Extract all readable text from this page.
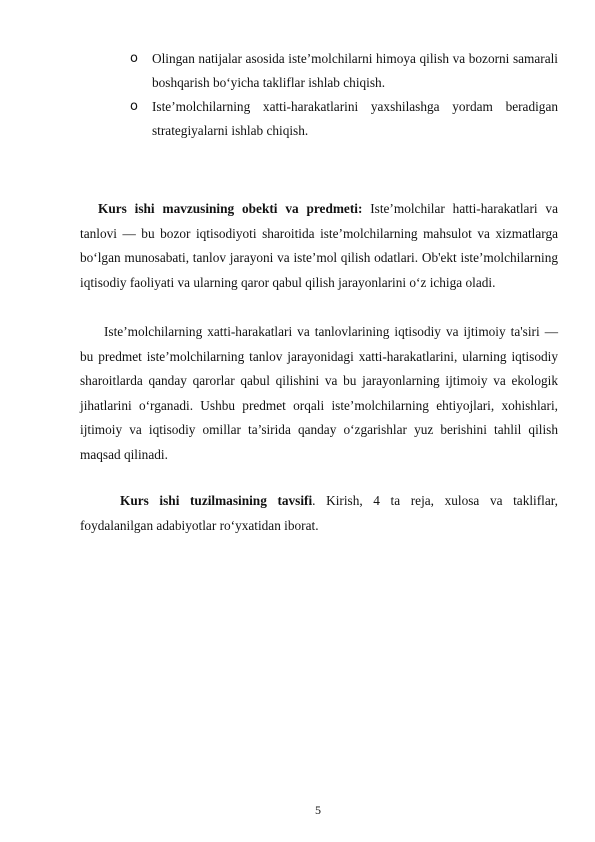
o Olingan natijalar asosida iste’molchilarni himoya qilish va bozorni samarali boshqarish bo‘yicha takliflar ishlab chiqish.
o Iste’molchilarning xatti-harakatlarini yaxshilashga yordam beradigan strategiyalarni ishlab chiqish.

Kurs ishi mavzusining obekti va predmeti: Iste’molchilar hatti-harakatlari va tanlovi — bu bozor iqtisodiyoti sharoitida iste’molchilarning mahsulot va xizmatlarga bo‘lgan munosabati, tanlov jarayoni va iste’mol qilish odatlari. Ob'ekt iste’molchilarning iqtisodiy faoliyati va ularning qaror qabul qilish jarayonlarini o‘z ichiga oladi.

Iste’molchilarning xatti-harakatlari va tanlovlarining iqtisodiy va ijtimoiy ta'siri — bu predmet iste’molchilarning tanlov jarayonidagi xatti-harakatlarini, ularning iqtisodiy sharoitlarda qanday qarorlar qabul qilishini va bu jarayonlarning ijtimoiy va ekologik jihatlarini o‘rganadi. Ushbu predmet orqali iste’molchilarning ehtiyojlari, xohishlari, ijtimoiy va iqtisodiy omillar ta’sirida qanday o‘zgarishlar yuz berishini tahlil qilish maqsad qilinadi.

Kurs ishi tuzilmasining tavsifi. Kirish, 4 ta reja, xulosa va takliflar, foydalanilgan adabiyotlar ro‘yxatidan iborat.

5
